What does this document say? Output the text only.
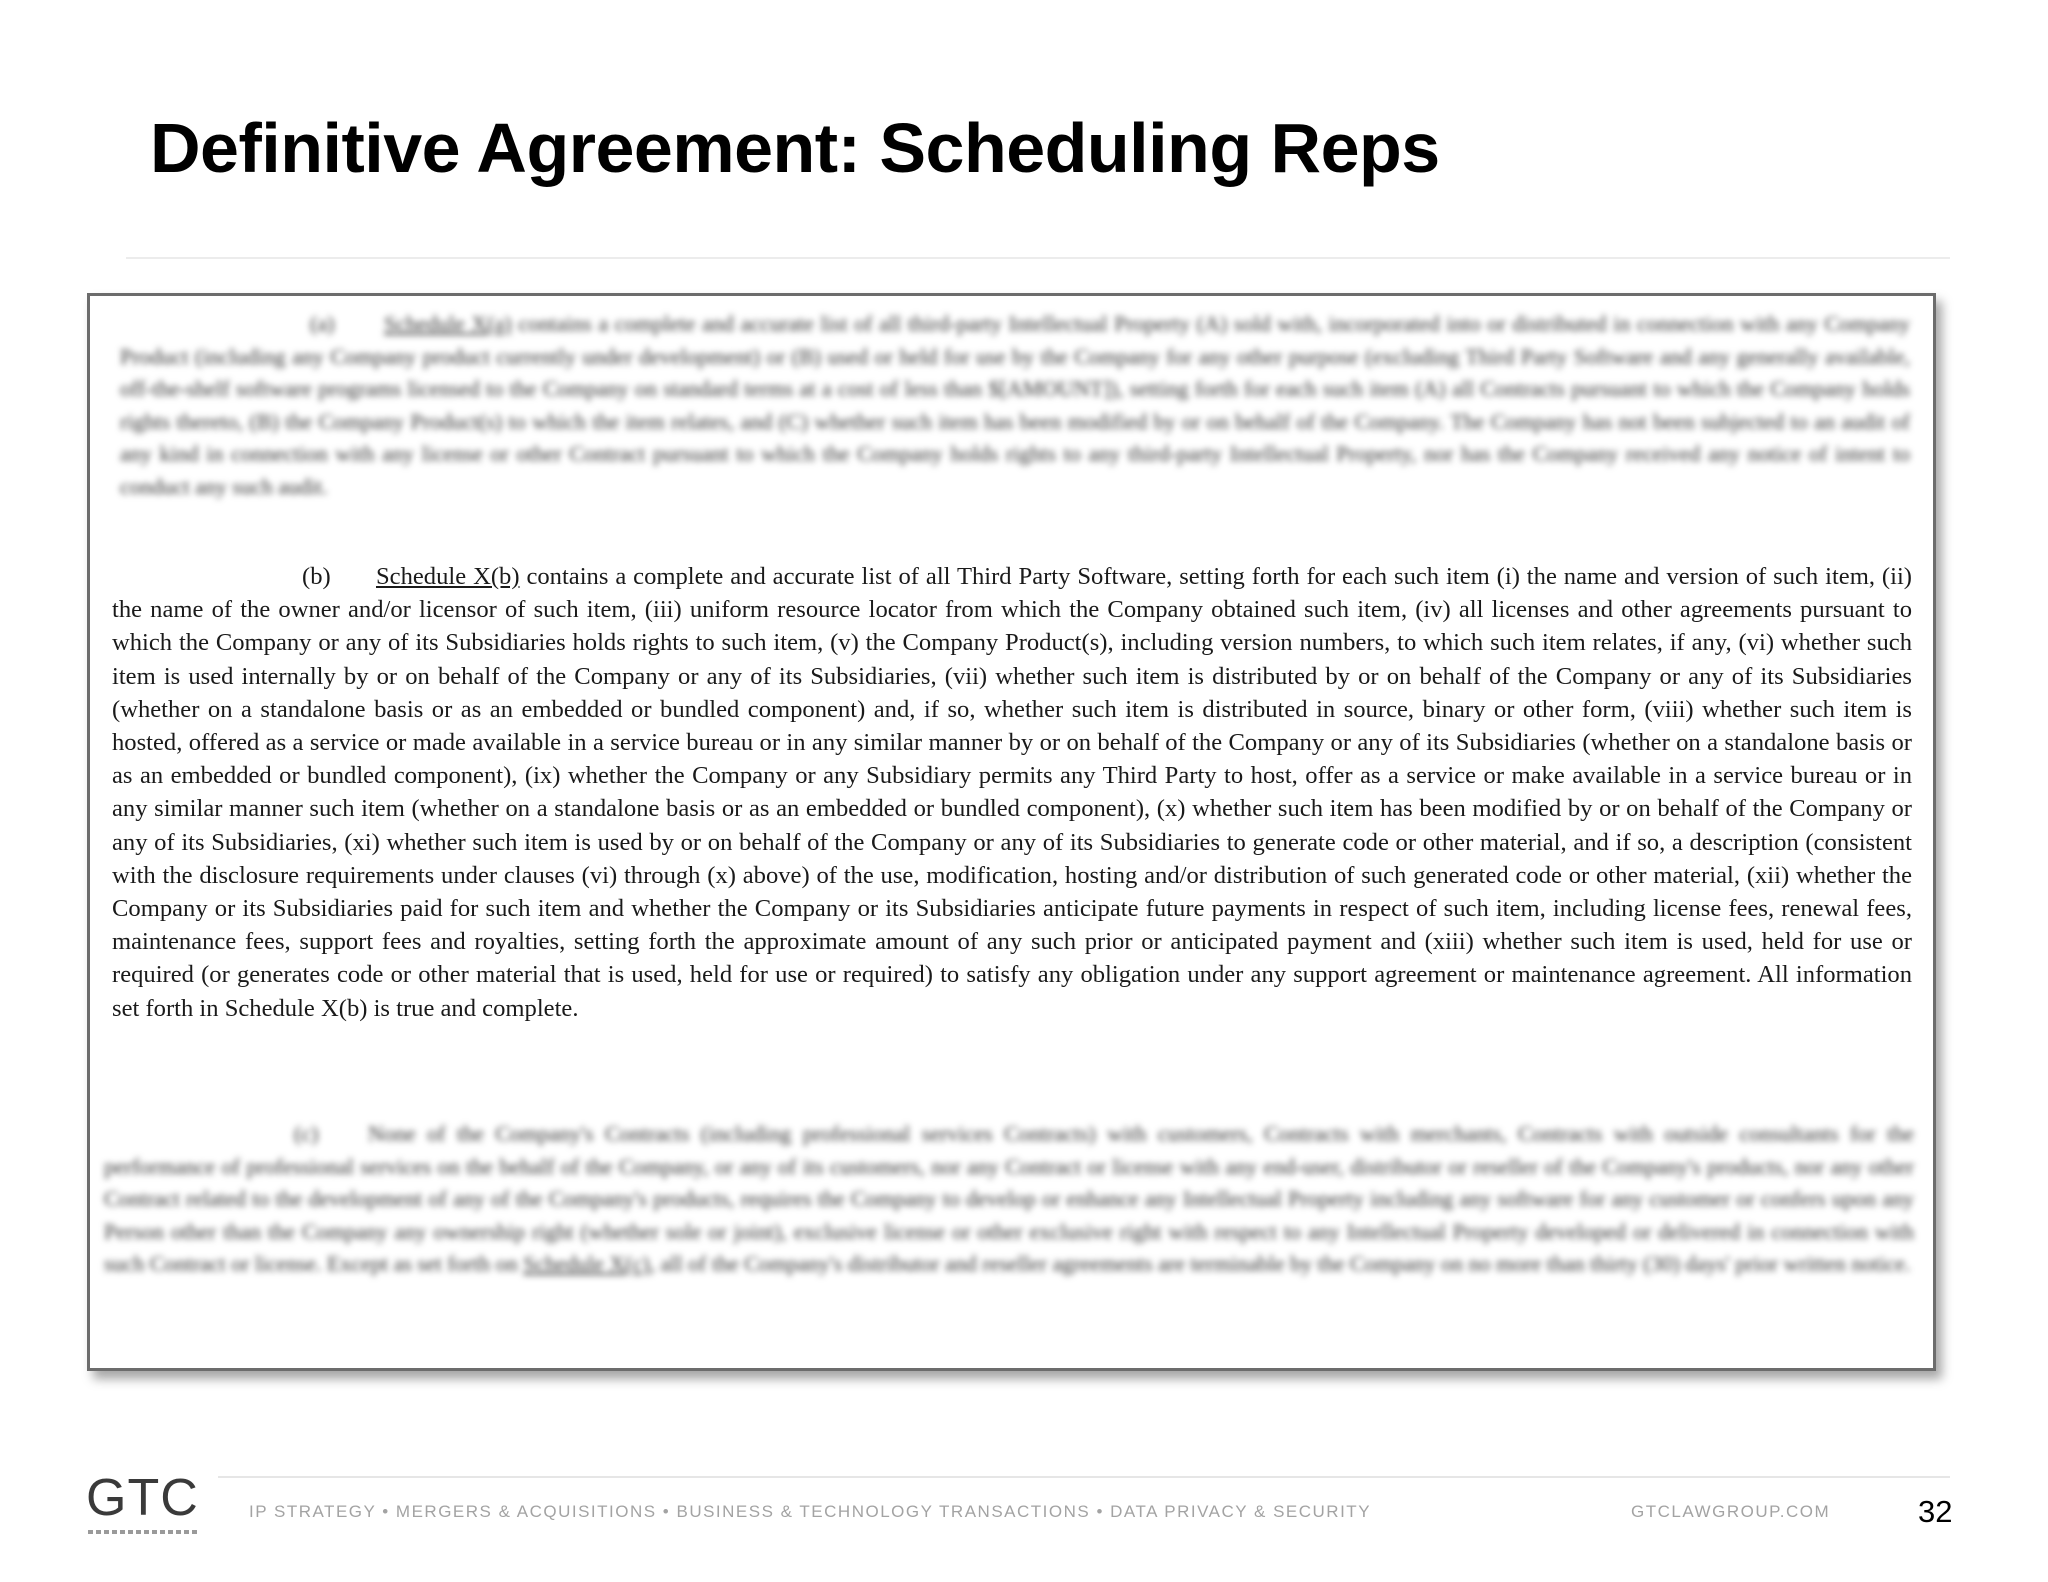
Definitive Agreement: Scheduling Reps

(a) Schedule X(a) contains a complete and accurate list of all third-party Intellectual Property (A) sold with, incorporated into or distributed in connection with any Company Product (including any Company product currently under development) or (B) used or held for use by the Company for any other purpose (excluding Third Party Software and any generally available, off-the-shelf software programs licensed to the Company on standard terms at a cost of less than $[AMOUNT]), setting forth for each such item (A) all Contracts pursuant to which the Company holds rights thereto, (B) the Company Product(s) to which the item relates, and (C) whether such item has been modified by or on behalf of the Company. The Company has not been subjected to an audit of any kind in connection with any license or other Contract pursuant to which the Company holds rights to any third-party Intellectual Property, nor has the Company received any notice of intent to conduct any such audit.

(b) Schedule X(b) contains a complete and accurate list of all Third Party Software, setting forth for each such item (i) the name and version of such item, (ii) the name of the owner and/or licensor of such item, (iii) uniform resource locator from which the Company obtained such item, (iv) all licenses and other agreements pursuant to which the Company or any of its Subsidiaries holds rights to such item, (v) the Company Product(s), including version numbers, to which such item relates, if any, (vi) whether such item is used internally by or on behalf of the Company or any of its Subsidiaries, (vii) whether such item is distributed by or on behalf of the Company or any of its Subsidiaries (whether on a standalone basis or as an embedded or bundled component) and, if so, whether such item is distributed in source, binary or other form, (viii) whether such item is hosted, offered as a service or made available in a service bureau or in any similar manner by or on behalf of the Company or any of its Subsidiaries (whether on a standalone basis or as an embedded or bundled component), (ix) whether the Company or any Subsidiary permits any Third Party to host, offer as a service or make available in a service bureau or in any similar manner such item (whether on a standalone basis or as an embedded or bundled component), (x) whether such item has been modified by or on behalf of the Company or any of its Subsidiaries, (xi) whether such item is used by or on behalf of the Company or any of its Subsidiaries to generate code or other material, and if so, a description (consistent with the disclosure requirements under clauses (vi) through (x) above) of the use, modification, hosting and/or distribution of such generated code or other material, (xii) whether the Company or its Subsidiaries paid for such item and whether the Company or its Subsidiaries anticipate future payments in respect of such item, including license fees, renewal fees, maintenance fees, support fees and royalties, setting forth the approximate amount of any such prior or anticipated payment and (xiii) whether such item is used, held for use or required (or generates code or other material that is used, held for use or required) to satisfy any obligation under any support agreement or maintenance agreement. All information set forth in Schedule X(b) is true and complete.

(c) None of the Company's Contracts (including professional services Contracts) with customers, Contracts with merchants, Contracts with outside consultants for the performance of professional services on the behalf of the Company, or any of its customers, nor any Contract or license with any end-user, distributor or reseller of the Company's products, nor any other Contract related to the development of any of the Company's products, requires the Company to develop or enhance any Intellectual Property including any software for any customer or confers upon any Person other than the Company any ownership right (whether sole or joint), exclusive license or other exclusive right with respect to any Intellectual Property developed or delivered in connection with such Contract or license. Except as set forth on Schedule X(c), all of the Company's distributor and reseller agreements are terminable by the Company on no more than thirty (30) days' prior written notice.

GTC	IP STRATEGY • MERGERS & ACQUISITIONS • BUSINESS & TECHNOLOGY TRANSACTIONS • DATA PRIVACY & SECURITY	GTCLAWGROUP.COM	32
